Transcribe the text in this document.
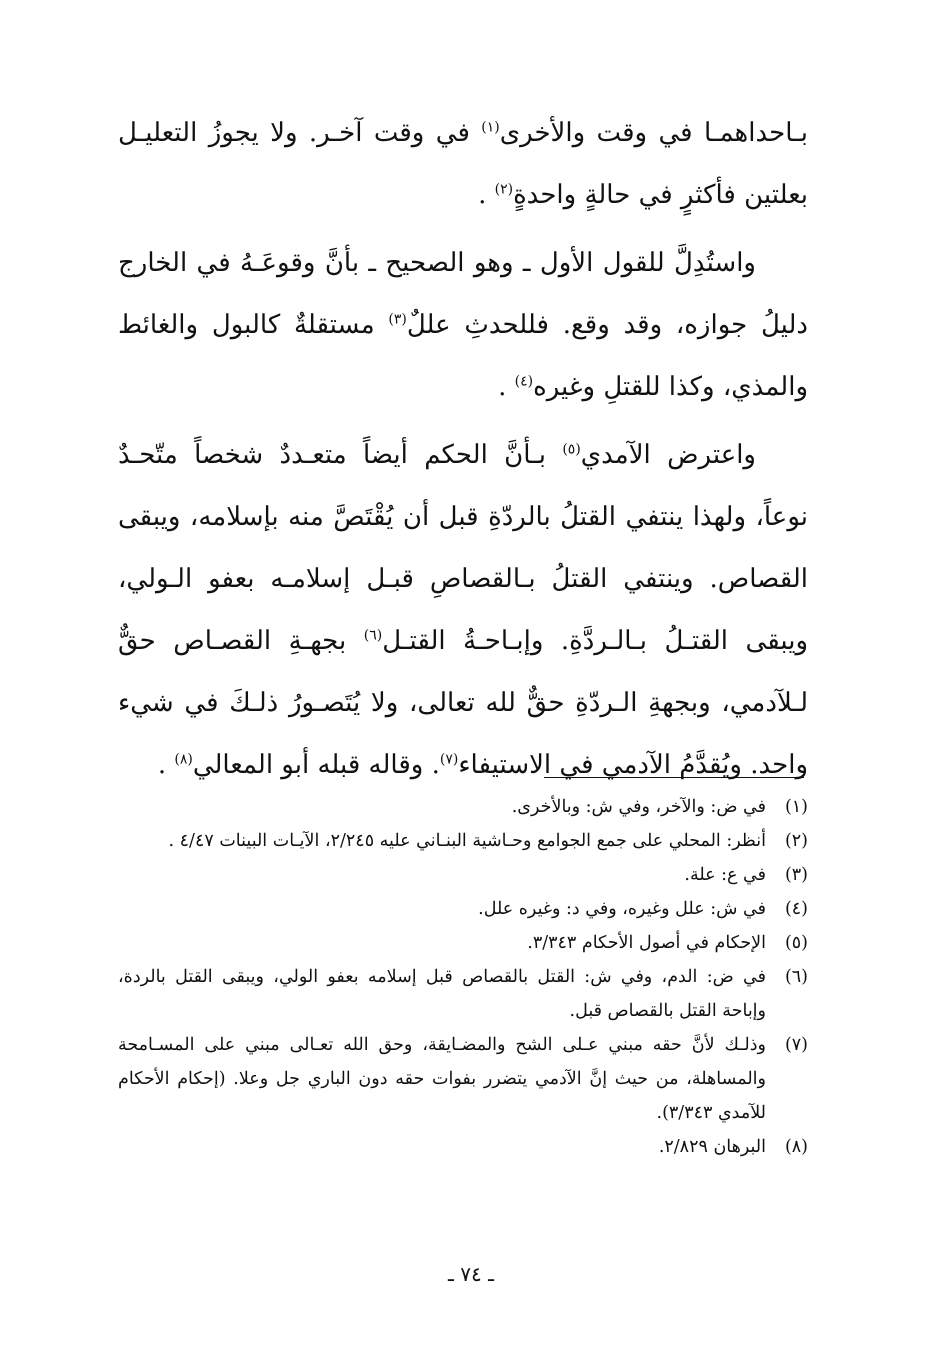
بـاحداهمـا في وقت والأخرى$^{(١)}$ في وقت آخـر. ولا يجوزُ التعليـل بعلتين فأكثرٍ في حالةٍ واحدةٍ$^{(٢)}$ .

واستُدِلَّ للقول الأول ـ وهو الصحيح ـ بأنَّ وقوعَـهُ في الخارج دليلُ جوازه، وقد وقع. فللحدثِ عللٌ$^{(٣)}$ مستقلةٌ كالبول والغائط والمذي، وكذا للقتلِ وغيره$^{(٤)}$ .

واعترض الآمدي$^{(٥)}$ بـأنَّ الحكم أيضاً متعـددٌ شخصاً متّحـدٌ نوعاً، ولهذا ينتفي القتلُ بالردّةِ قبل أن يُقْتَصَّ منه بإسلامه، ويبقى القصاص. وينتفي القتلُ بـالقصاصِ قبـل إسلامـه بعفو الـولي، ويبقى القتـلُ بـالـردَّةِ. وإبـاحـةُ القتـل$^{(٦)}$ بجهـةِ القصـاص حقٌّ لـلآدمي، وبجهةِ الـردّةِ حقٌّ لله تعالى، ولا يُتَصـورُ ذلـكَ في شيء واحد. ويُقدَّمُ الآدمي في الاستيفاء$^{(٧)}$. وقاله قبله أبو المعالي$^{(٨)}$ .

(١)
في ض: والآخر، وفي ش: وبالأخرى.
(٢)
أنظر: المحلي على جمع الجوامع وحـاشية البنـاني عليه ٢/٢٤٥، الآيـات البينات ٤/٤٧ .
(٣)
في ع: علة.
(٤)
في ش: علل وغيره، وفي د: وغيره علل.
(٥)
الإحكام في أصول الأحكام ٣/٣٤٣.
(٦)
في ض: الدم، وفي ش: القتل بالقصاص قبل إسلامه بعفو الولي، ويبقى القتل بالردة، وإباحة القتل بالقصاص قبل.
(٧)
وذلـك لأنَّ حقه مبني عـلى الشح والمضـايقة، وحق الله تعـالى مبني على المسـامحة والمساهلة، من حيث إنَّ الآدمي يتضرر بفوات حقه دون الباري جل وعلا. (إحكام الأحكام للآمدي ٣/٣٤٣).
(٨)
البرهان ٢/٨٢٩.
ـ ٧٤ ـ
